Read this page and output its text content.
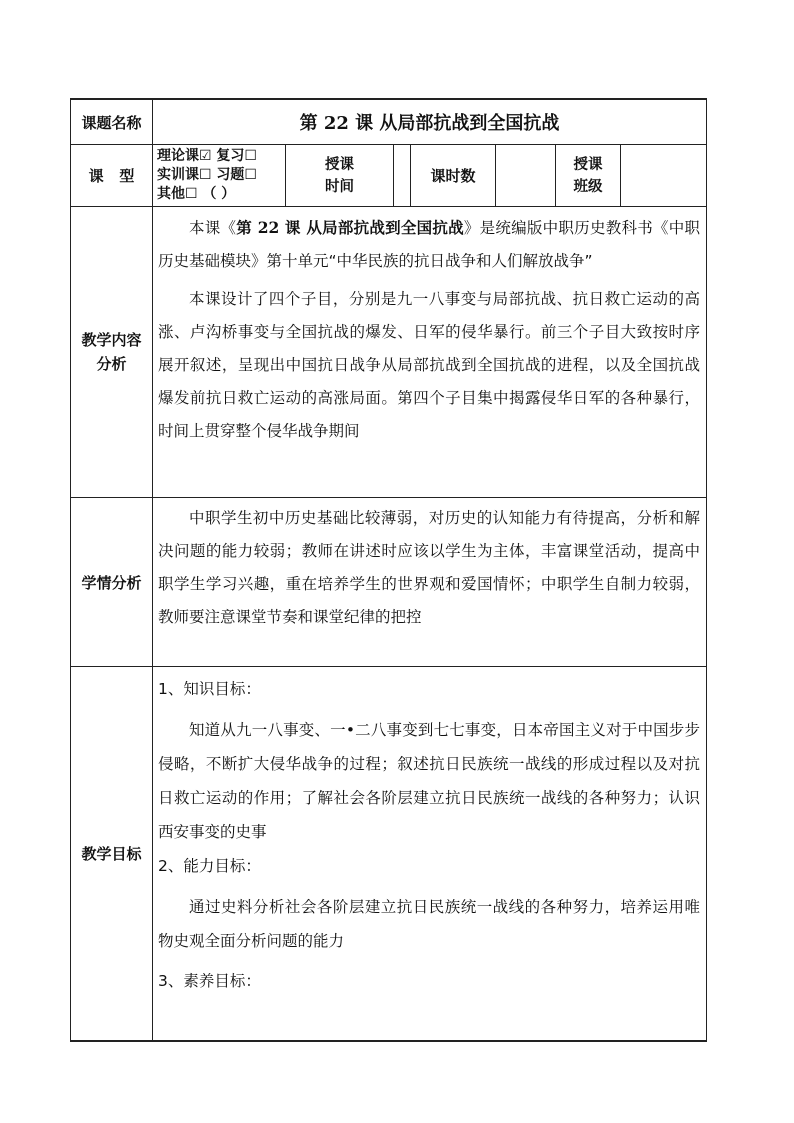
课题名称	第 22 课 从局部抗战到全国抗战
课   型
理论课☑ 复习☐
实训课☐ 习题☐
其他☐ （ ）
授课
时间
课时数
授课
班级
教学内容
分析

本课《第 22 课 从局部抗战到全国抗战》是统编版中职历史教科书《中职历史基础模块》第十单元“中华民族的抗日战争和人们解放战争”

本课设计了四个子目，分别是九一八事变与局部抗战、抗日救亡运动的高涨、卢沟桥事变与全国抗战的爆发、日军的侵华暴行。前三个子目大致按时序展开叙述，呈现出中国抗日战争从局部抗战到全国抗战的进程，以及全国抗战爆发前抗日救亡运动的高涨局面。第四个子目集中揭露侵华日军的各种暴行，时间上贯穿整个侵华战争期间

学情分析

中职学生初中历史基础比较薄弱，对历史的认知能力有待提高，分析和解决问题的能力较弱；教师在讲述时应该以学生为主体，丰富课堂活动，提高中职学生学习兴趣，重在培养学生的世界观和爱国情怀；中职学生自制力较弱，教师要注意课堂节奏和课堂纪律的把控

教学目标

1、知识目标：

知道从九一八事变、一•二八事变到七七事变，日本帝国主义对于中国步步侵略，不断扩大侵华战争的过程；叙述抗日民族统一战线的形成过程以及对抗日救亡运动的作用；了解社会各阶层建立抗日民族统一战线的各种努力；认识西安事变的史事

2、能力目标：

通过史料分析社会各阶层建立抗日民族统一战线的各种努力，培养运用唯物史观全面分析问题的能力

3、素养目标：
